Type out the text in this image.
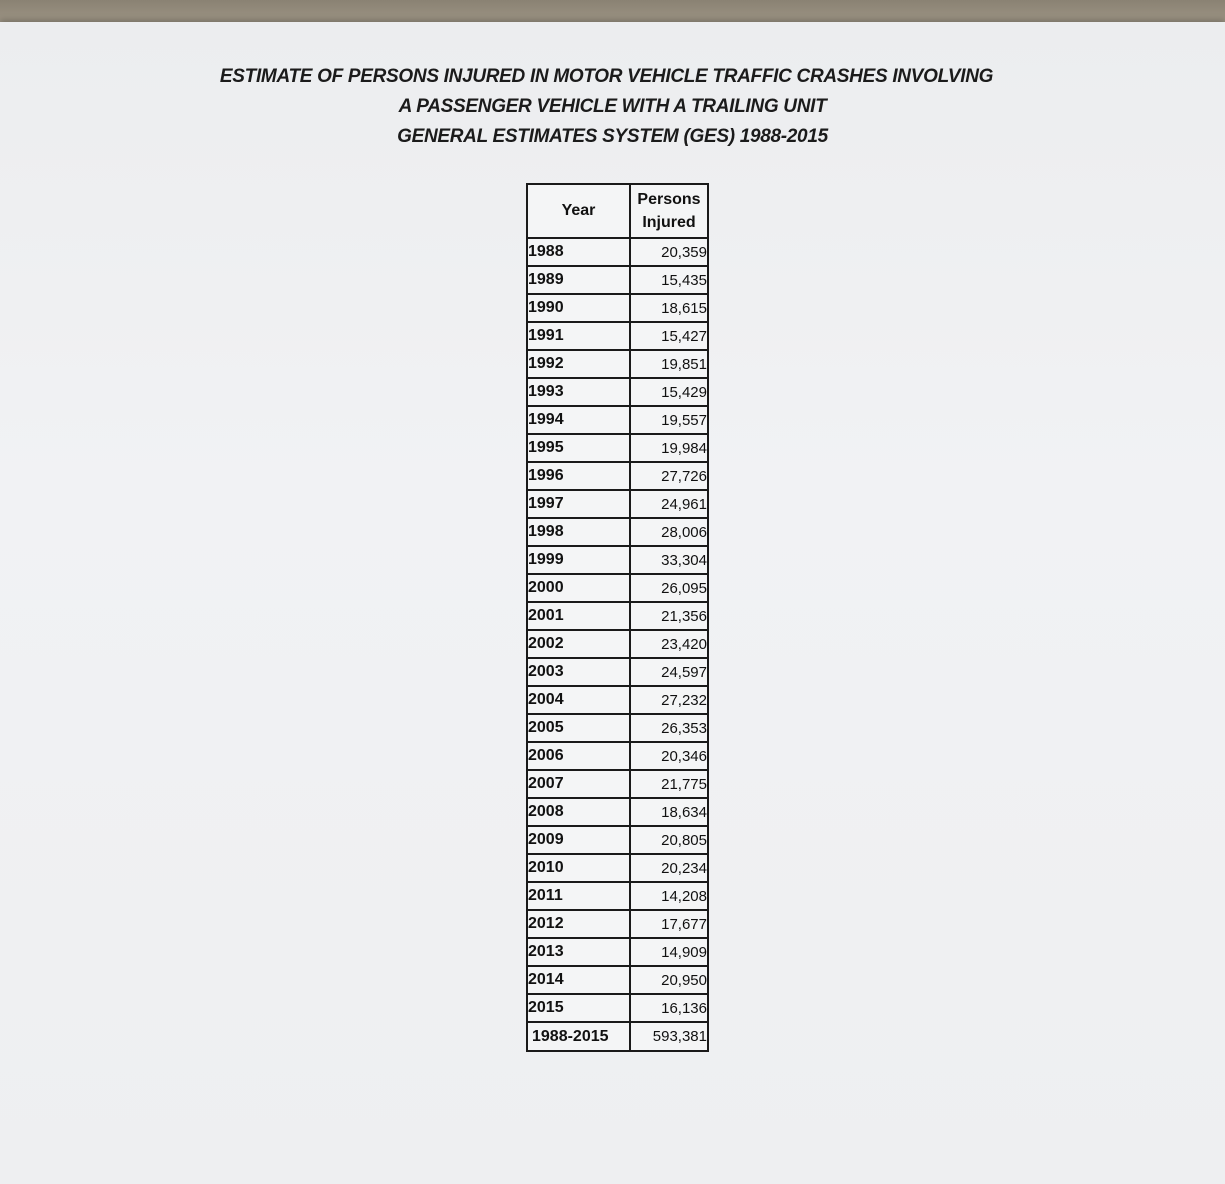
ESTIMATE OF PERSONS INJURED IN MOTOR VEHICLE TRAFFIC CRASHES INVOLVING
A PASSENGER VEHICLE WITH A TRAILING UNIT
GENERAL ESTIMATES SYSTEM (GES) 1988-2015
Year	Persons
Injured
1988	20,359
1989	15,435
1990	18,615
1991	15,427
1992	19,851
1993	15,429
1994	19,557
1995	19,984
1996	27,726
1997	24,961
1998	28,006
1999	33,304
2000	26,095
2001	21,356
2002	23,420
2003	24,597
2004	27,232
2005	26,353
2006	20,346
2007	21,775
2008	18,634
2009	20,805
2010	20,234
2011	14,208
2012	17,677
2013	14,909
2014	20,950
2015	16,136
1988-2015	593,381
